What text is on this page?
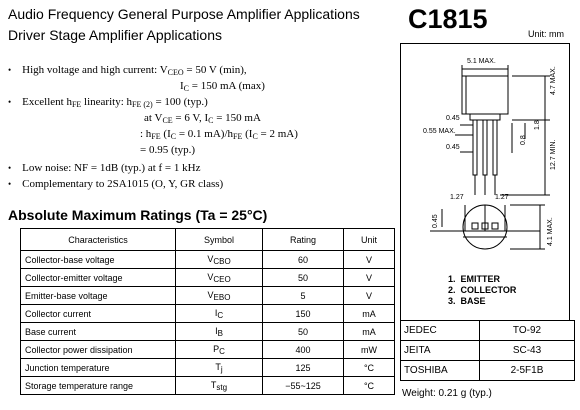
Audio Frequency General Purpose Amplifier Applications
Driver Stage Amplifier Applications
C1815	Unit: mm
• High voltage and high current: $V_{CEO} = 50$ V (min),
$I_C = 150$ mA (max)
• Excellent $h_{FE}$ linearity: $h_{FE (2)} = 100$ (typ.)
at $V_{CE} = 6$ V, $I_C = 150$ mA
: $h_{FE}$ ($I_C = 0.1$ $mA)/h_{FE}$ ($I_C = 2$ mA)
= 0.95 (typ.)
• Low noise: NF = 1dB (typ.) at f = 1 kHz
• Complementary to 2SA1015 (O, Y, GR class)
Absolute Maximum Ratings (Ta = 25°C)
Characteristics	Symbol	Rating	Unit
Collector-base voltage	VCBO	60	V
Collector-emitter voltage	VCEO	50	V
Emitter-base voltage	VEBO	5	V
Collector current	IC	150	mA
Base current	IB	50	mA
Collector power dissipation	PC	400	mW
Junction temperature	Tj	125	°C
Storage temperature range	Tstg	−55~125	°C
5.1 MAX.
0.45
0.55 MAX.
0.45
4.7 MAX.
1.8
0.8	12.7 MIN.
1.27	1.27
0.45	4.1 MAX.
1. EMITTER
2. COLLECTOR
3. BASE
JEDEC	TO-92
JEITA	SC-43
TOSHIBA	2-5F1B
Weight: 0.21 g (typ.)
